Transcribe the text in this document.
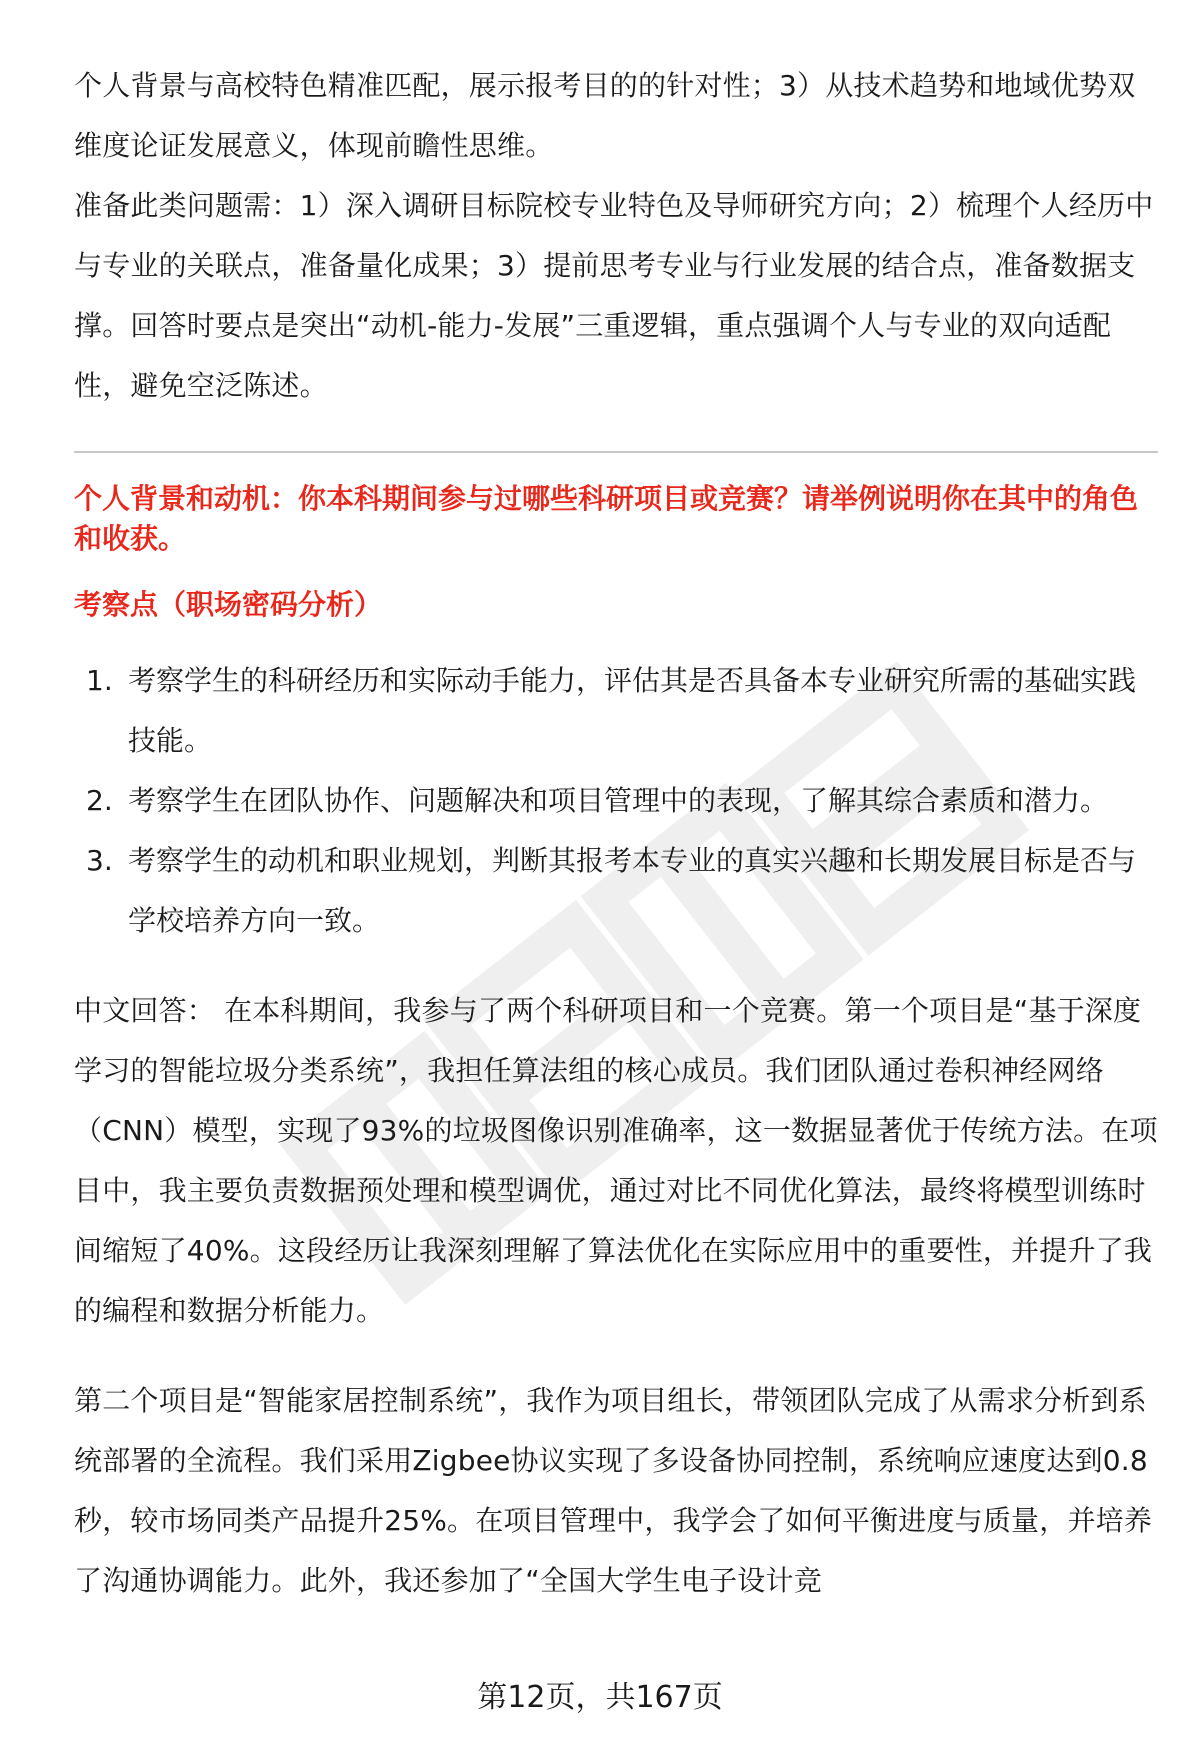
个人背景与高校特色精准匹配，展示报考目的的针对性；3）从技术趋势和地域优势双维度论证发展意义，体现前瞻性思维。

准备此类问题需：1）深入调研目标院校专业特色及导师研究方向；2）梳理个人经历中与专业的关联点，准备量化成果；3）提前思考专业与行业发展的结合点，准备数据支撑。回答时要点是突出“动机-能力-发展”三重逻辑，重点强调个人与专业的双向适配性，避免空泛陈述。

个人背景和动机：你本科期间参与过哪些科研项目或竞赛？请举例说明你在其中的角色和收获。

考察点（职场密码分析）

1. 考察学生的科研经历和实际动手能力，评估其是否具备本专业研究所需的基础实践技能。
2. 考察学生在团队协作、问题解决和项目管理中的表现，了解其综合素质和潜力。
3. 考察学生的动机和职业规划，判断其报考本专业的真实兴趣和长期发展目标是否与学校培养方向一致。

中文回答： 在本科期间，我参与了两个科研项目和一个竞赛。第一个项目是“基于深度学习的智能垃圾分类系统”，我担任算法组的核心成员。我们团队通过卷积神经网络（CNN）模型，实现了93%的垃圾图像识别准确率，这一数据显著优于传统方法。在项目中，我主要负责数据预处理和模型调优，通过对比不同优化算法，最终将模型训练时间缩短了40%。这段经历让我深刻理解了算法优化在实际应用中的重要性，并提升了我的编程和数据分析能力。

第二个项目是“智能家居控制系统”，我作为项目组长，带领团队完成了从需求分析到系统部署的全流程。我们采用Zigbee协议实现了多设备协同控制，系统响应速度达到0.8秒，较市场同类产品提升25%。在项目管理中，我学会了如何平衡进度与质量，并培养了沟通协调能力。此外，我还参加了“全国大学生电子设计竞

第12页，共167页
